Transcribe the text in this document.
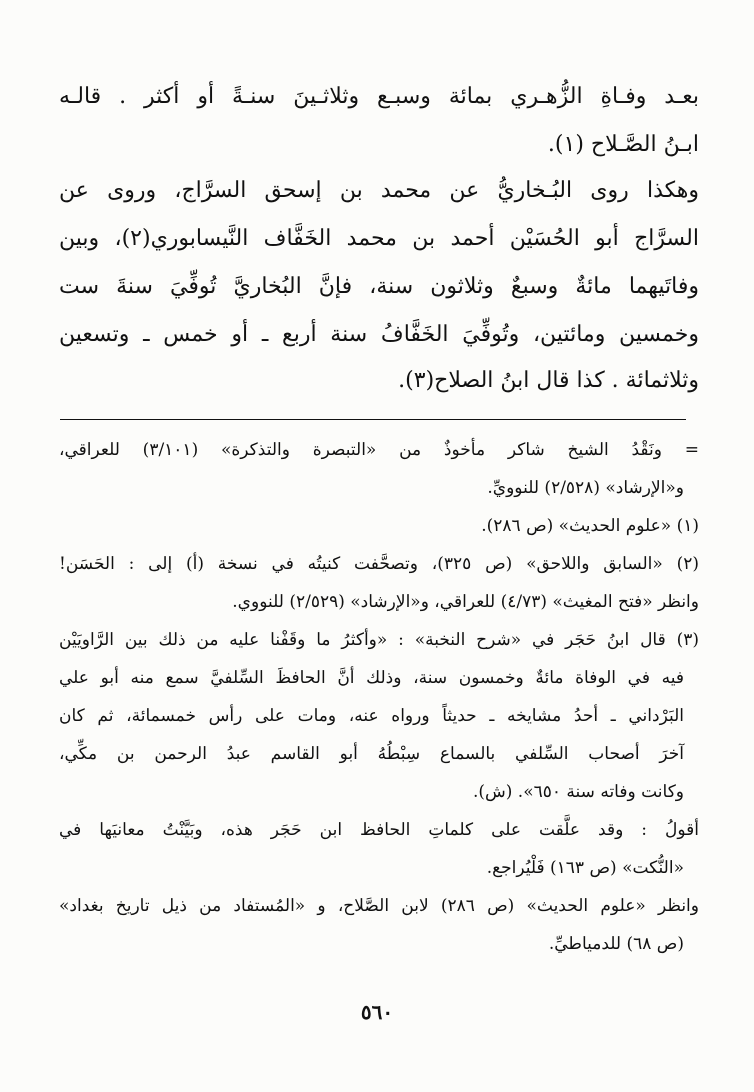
بعـد وفـاةِ الزُّهـري بمائة وسبـع وثلاثـينَ سنـةً أو أكثر . قالـه
ابـنُ الصَّـلاح (١).
وهكذا روى البُـخاريُّ عن محمد بن إسحق السرَّاج، وروى عن
السرَّاج أبو الحُسَيْن أحمد بن محمد الخَفَّاف النَّيسابوري(٢)، وبين
وفاتَيهما مائةٌ وسبعٌ وثلاثون سنة، فإنَّ البُخاريَّ تُوفِّيَ سنةَ ست
وخمسين ومائتين، وتُوفِّيَ الخَفَّافُ سنة أربع ـ أو خمس ـ وتسعين
وثلاثمائة . كذا قال ابنُ الصلاح(٣).
= ونَقْدُ الشيخ شاكر مأخوذٌ من «التبصرة والتذكرة» (٣/١٠١) للعراقي،
و«الإرشاد» (٢/٥٢٨) للنوويِّ.
(١) «علوم الحديث» (ص ٢٨٦).
(٢) «السابق واللاحق» (ص ٣٢٥)، وتصحَّفت كنيتُه في نسخة (أ) إلى : الحَسَن!
وانظر «فتح المغيث» (٤/٧٣) للعراقي، و«الإرشاد» (٢/٥٢٩) للنووي.
(٣) قال ابنُ حَجَر في «شرح النخبة» : «وأكثرُ ما وقَفْنا عليه من ذلك بين الرَّاويَيْن
فيه في الوفاة مائةٌ وخمسون سنة، وذلك أنَّ الحافظَ السِّلفيَّ سمع منه أبو علي
البَرْداني ـ أحدُ مشايخه ـ حديثاً ورواه عنه، ومات على رأس خمسمائة، ثم كان
آخرَ أصحاب السِّلفي بالسماع سِبْطُهُ أبو القاسم عبدُ الرحمن بن مكِّي،
وكانت وفاته سنة ٦٥٠». (ش).
أقولُ : وقد علَّقت على كلماتِ الحافظ ابن حَجَر هذه، وبَيَّنْتُ معانيَها في
«النُّكت» (ص ١٦٣) فَلْيُراجع.
وانظر «علوم الحديث» (ص ٢٨٦) لابن الصَّلاح، و «المُستفاد من ذيل تاريخ بغداد»
(ص ٦٨) للدمياطيِّ.
٥٦٠
